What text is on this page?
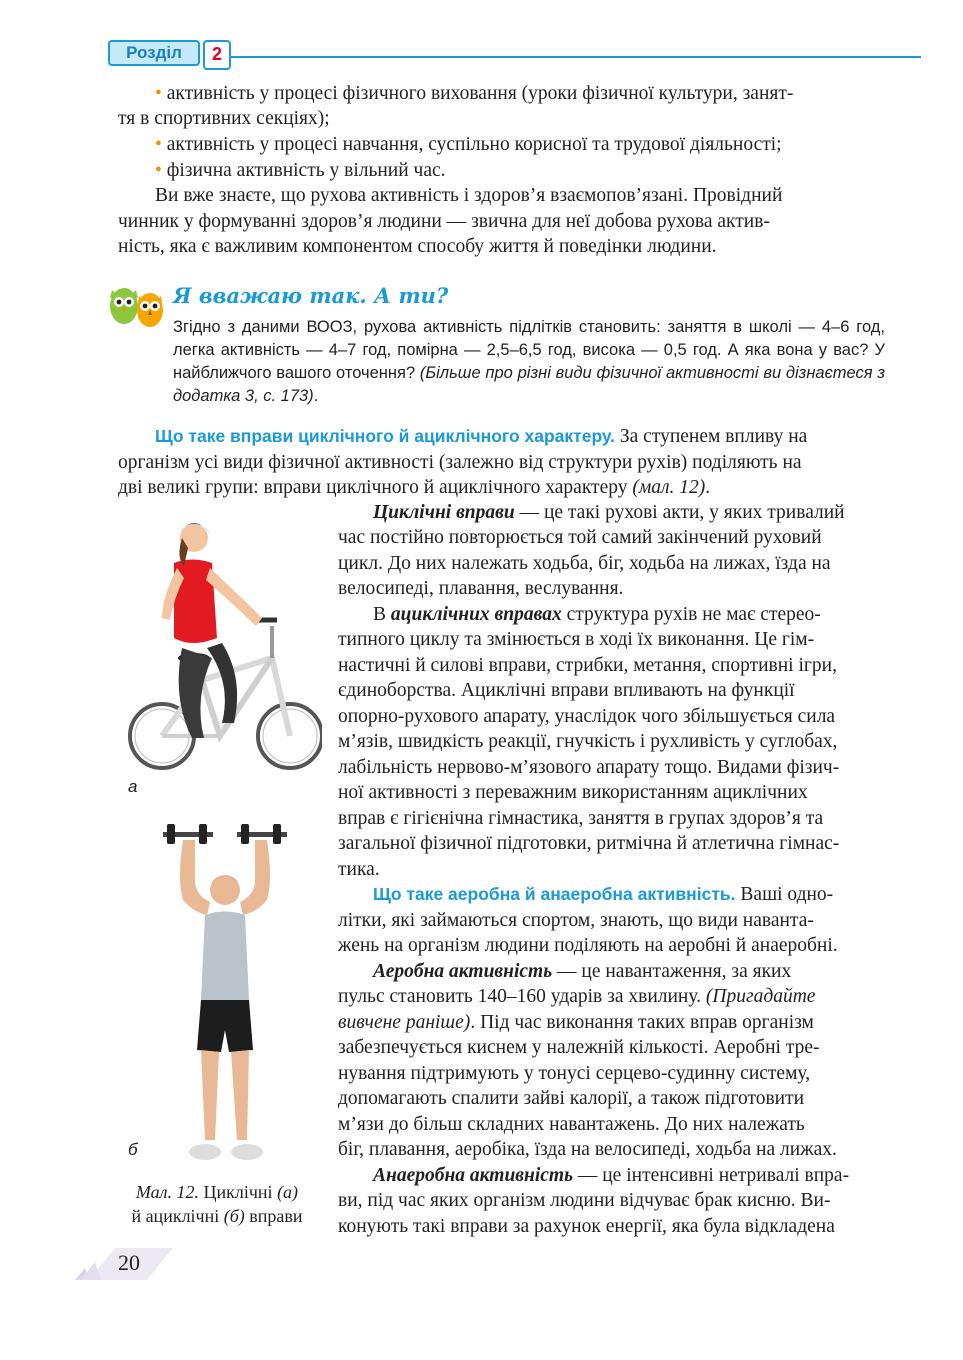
Розділ	2
• активність у процесі фізичного виховання (уроки фізичної культури, занят-
тя в спортивних секціях);
• активність у процесі навчання, суспільно корисної та трудової діяльності;
• фізична активність у вільний час.
Ви вже знаєте, що рухова активність і здоров’я взаємопов’язані. Провідний
чинник у формуванні здоров’я людини — звична для неї добова рухова актив-
ність, яка є важливим компонентом способу життя й поведінки людини.
Я вважаю так. А ти?
Згідно з даними ВООЗ, рухова активність підлітків становить: заняття в школі — 4–6 год, легка активність — 4–7 год, помірна — 2,5–6,5 год, висока — 0,5 год. А яка вона у вас? У найближчого вашого оточення? (Більше про різні види фізичної активності ви дізнаєтеся з додатка 3, с. 173).
Що таке вправи циклічного й ациклічного характеру. За ступенем впливу на
організм усі види фізичної активності (залежно від структури рухів) поділяють на
дві великі групи: вправи циклічного й ациклічного характеру (мал. 12).
а
б
Мал. 12. Циклічні (а)
й ациклічні (б) вправи
Циклічні вправи — це такі рухові акти, у яких тривалий
час постійно повторюється той самий закінчений руховий
цикл. До них належать ходьба, біг, ходьба на лижах, їзда на
велосипеді, плавання, веслування.
В ациклічних вправах структура рухів не має стерео-
типного циклу та змінюється в ході їх виконання. Це гім-
настичні й силові вправи, стрибки, метання, спортивні ігри,
єдиноборства. Ациклічні вправи впливають на функції
опорно-рухового апарату, унаслідок чого збільшується сила
м’язів, швидкість реакції, гнучкість і рухливість у суглобах,
лабільність нервово-м’язового апарату тощо. Видами фізич-
ної активності з переважним використанням ациклічних
вправ є гігієнічна гімнастика, заняття в групах здоров’я та
загальної фізичної підготовки, ритмічна й атлетична гімнас-
тика.
Що таке аеробна й анаеробна активність. Ваші одно-
літки, які займаються спортом, знають, що види наванта-
жень на організм людини поділяють на аеробні й анаеробні.
Аеробна активність — це навантаження, за яких
пульс становить 140–160 ударів за хвилину. (Пригадайте
вивчене раніше). Під час виконання таких вправ організм
забезпечується киснем у належній кількості. Аеробні тре-
нування підтримують у тонусі серцево-судинну систему,
допомагають спалити зайві калорії, а також підготовити
м’язи до більш складних навантажень. До них належать
біг, плавання, аеробіка, їзда на велосипеді, ходьба на лижах.
Анаеробна активність — це інтенсивні нетривалі впра-
ви, під час яких організм людини відчуває брак кисню. Ви-
конують такі вправи за рахунок енергії, яка була відкладена
20
